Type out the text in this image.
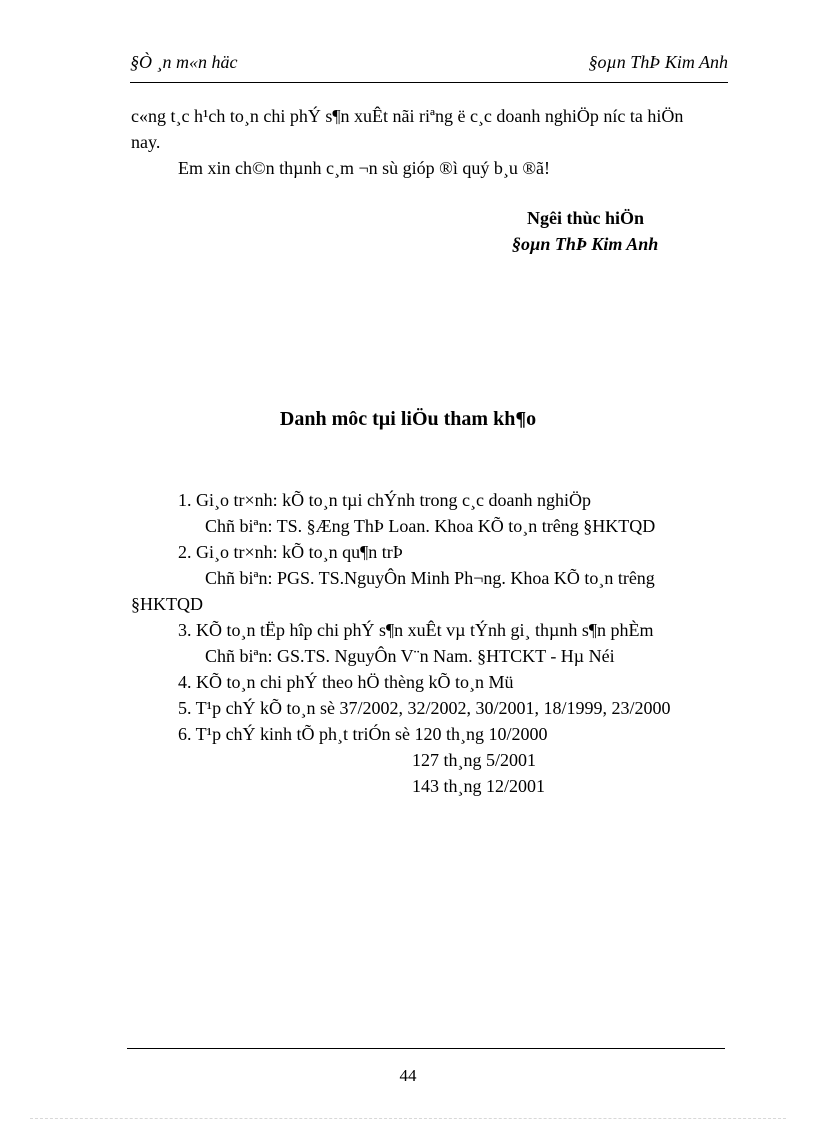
§Ò ¸n m«n häc	§oµn ThÞ Kim Anh
c«ng t¸c h¹ch to¸n chi phÝ s¶n xuÊt nãi riªng ë c¸c doanh nghiÖp níc ta hiÖn
nay.
Em xin ch©n thµnh c¸m ¬n sù gióp ®ì quý b¸u ®ã!
Ngêi thùc hiÖn
§oµn ThÞ Kim Anh
Danh môc tµi liÖu tham kh¶o
1. Gi¸o tr×nh: kÕ to¸n tµi chÝnh trong c¸c doanh nghiÖp
Chñ biªn: TS. §Æng ThÞ Loan. Khoa KÕ to¸n trêng §HKTQD
2. Gi¸o tr×nh: kÕ to¸n qu¶n trÞ
Chñ biªn: PGS. TS.NguyÔn Minh Ph¬ng. Khoa KÕ to¸n trêng
§HKTQD
3. KÕ to¸n tËp hîp chi phÝ s¶n xuÊt vµ tÝnh gi¸ thµnh s¶n phÈm
Chñ biªn: GS.TS. NguyÔn V¨n Nam. §HTCKT - Hµ Néi
4. KÕ to¸n chi phÝ theo hÖ thèng kÕ to¸n Mü
5. T¹p chÝ kÕ to¸n sè 37/2002, 32/2002, 30/2001, 18/1999, 23/2000
6. T¹p chÝ kinh tÕ ph¸t triÓn sè 120 th¸ng 10/2000
127 th¸ng 5/2001
143 th¸ng 12/2001
44
